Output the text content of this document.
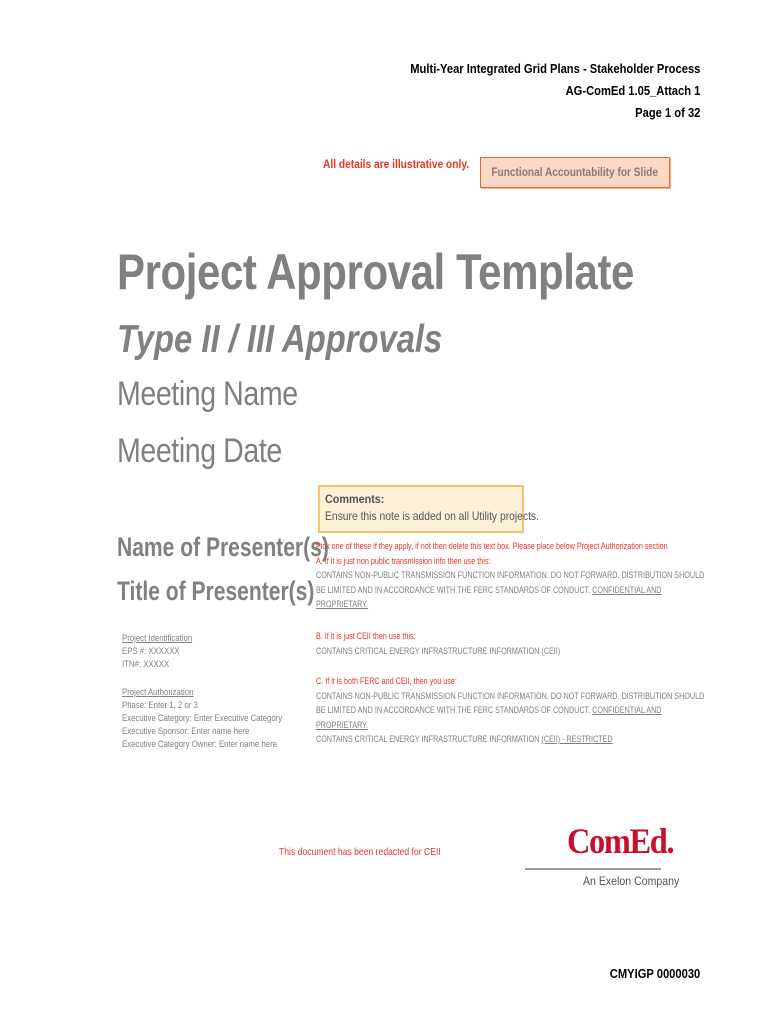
Multi-Year Integrated Grid Plans - Stakeholder Process
AG-ComEd 1.05_Attach 1
Page 1 of 32
All details are illustrative only.
Functional Accountability for Slide
Project Approval Template
Type II / III Approvals
Meeting Name
Meeting Date
Comments:
Ensure this note is added on all Utility projects.
Name of Presenter(s)
Title of Presenter(s)
Project Identification
EPS #: XXXXXX
ITN#: XXXXX
Project Authorization
Phase: Enter 1, 2 or 3
Executive Category: Enter Executive Category
Executive Sponsor: Enter name here
Executive Category Owner: Enter name here
Pick one of these if they apply, if not then delete this text box. Please place below Project Authorization section
A. If it is just non public transmission info then use this:
CONTAINS NON-PUBLIC TRANSMISSION FUNCTION INFORMATION. DO NOT FORWARD. DISTRIBUTION SHOULD
BE LIMITED AND IN ACCORDANCE WITH THE FERC STANDARDS OF CONDUCT. CONFIDENTIAL AND
PROPRIETARY.
B. If it is just CEII then use this:
CONTAINS CRITICAL ENERGY INFRASTRUCTURE INFORMATION (CEII)
C. If it is both FERC and CEII, then you use:
CONTAINS NON-PUBLIC TRANSMISSION FUNCTION INFORMATION. DO NOT FORWARD. DISTRIBUTION SHOULD
BE LIMITED AND IN ACCORDANCE WITH THE FERC STANDARDS OF CONDUCT. CONFIDENTIAL AND
PROPRIETARY.
CONTAINS CRITICAL ENERGY INFRASTRUCTURE INFORMATION (CEII) - RESTRICTED
This document has been redacted for CEII	ComEd.
An Exelon Company
CMYIGP 0000030
